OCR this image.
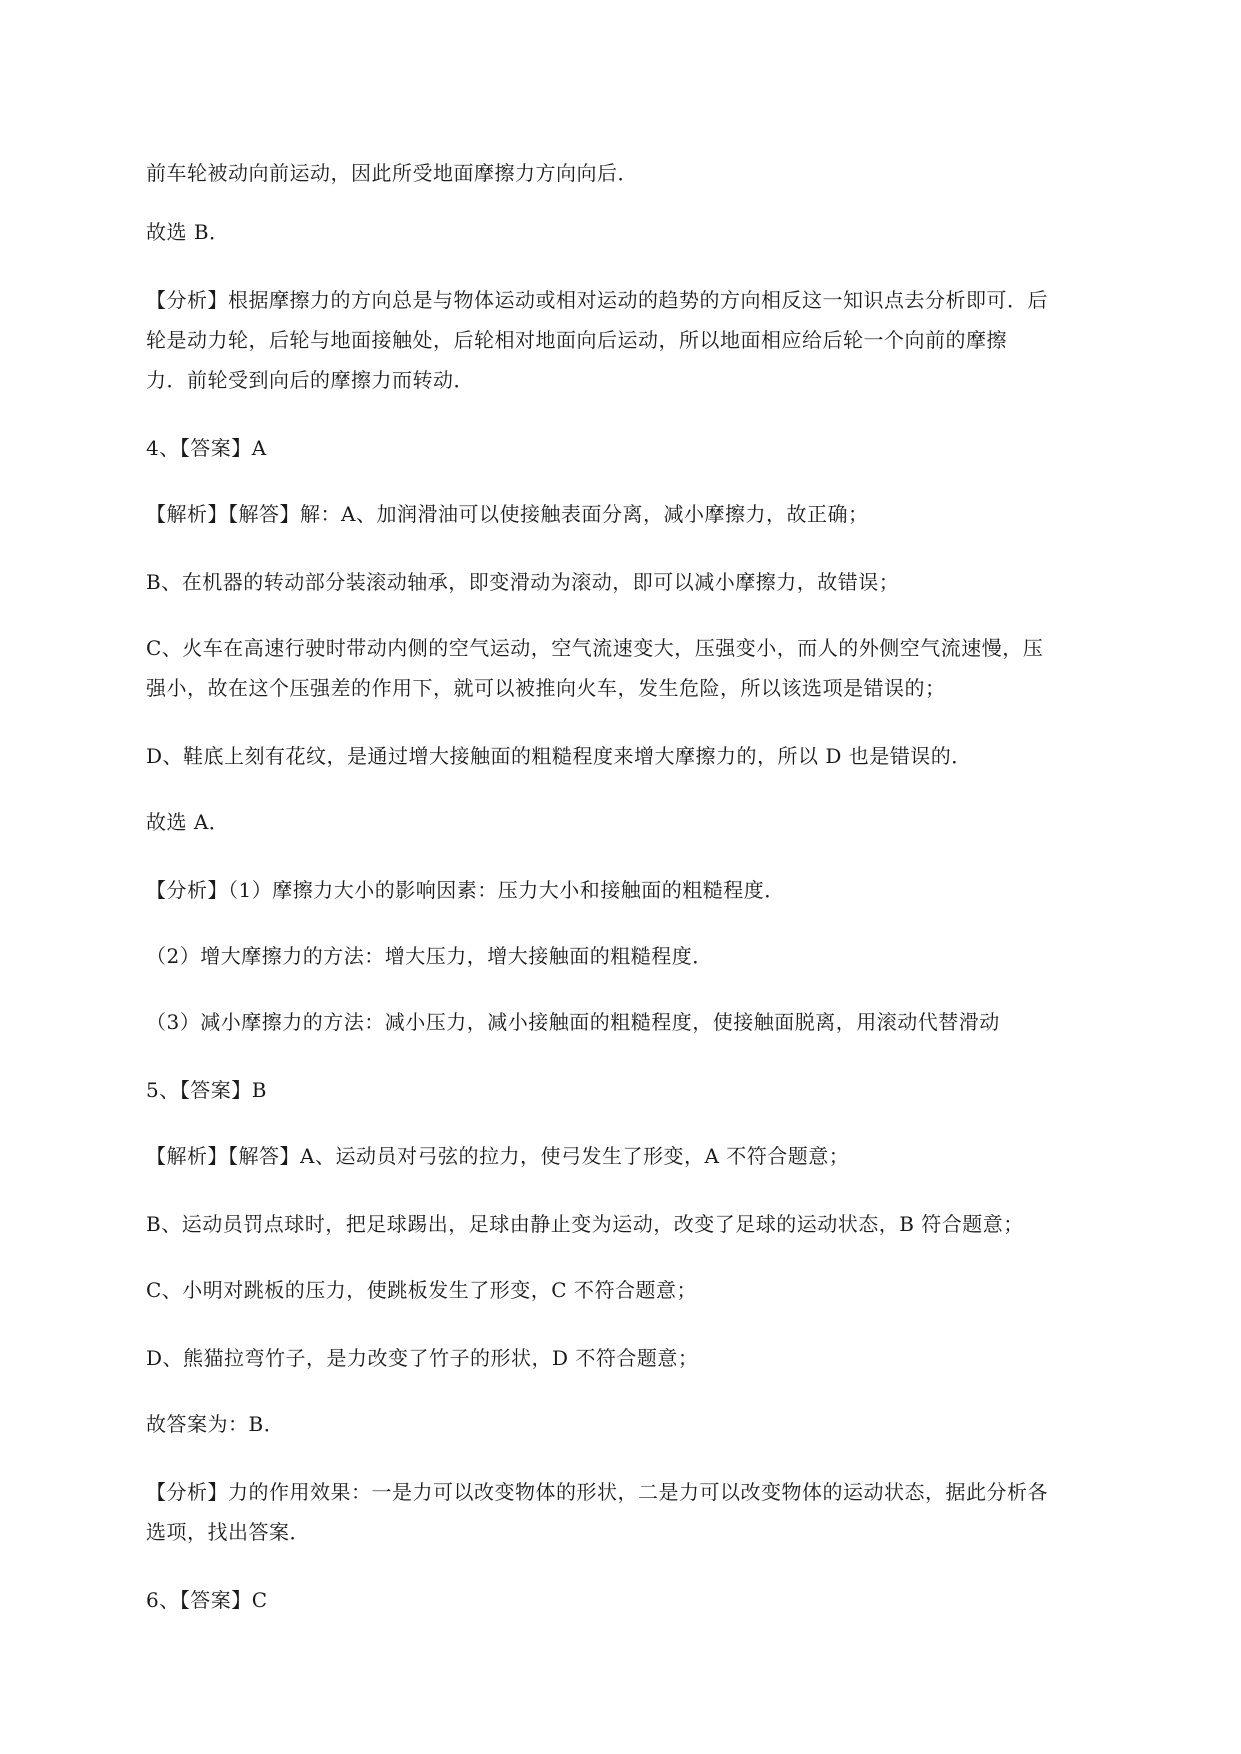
前车轮被动向前运动，因此所受地面摩擦力方向向后．
故选 B．
【分析】根据摩擦力的方向总是与物体运动或相对运动的趋势的方向相反这一知识点去分析即可．后
轮是动力轮，后轮与地面接触处，后轮相对地面向后运动，所以地面相应给后轮一个向前的摩擦
力．前轮受到向后的摩擦力而转动．
4、【答案】A
【解析】【解答】解：A、加润滑油可以使接触表面分离，减小摩擦力，故正确；
B、在机器的转动部分装滚动轴承，即变滑动为滚动，即可以减小摩擦力，故错误；
C、火车在高速行驶时带动内侧的空气运动，空气流速变大，压强变小，而人的外侧空气流速慢，压
强小，故在这个压强差的作用下，就可以被推向火车，发生危险，所以该选项是错误的；
D、鞋底上刻有花纹，是通过增大接触面的粗糙程度来增大摩擦力的，所以 D 也是错误的．
故选 A．
【分析】（1）摩擦力大小的影响因素：压力大小和接触面的粗糙程度．
（2）增大摩擦力的方法：增大压力，增大接触面的粗糙程度．
（3）减小摩擦力的方法：减小压力，减小接触面的粗糙程度，使接触面脱离，用滚动代替滑动
5、【答案】B
【解析】【解答】A、运动员对弓弦的拉力，使弓发生了形变，A 不符合题意；
B、运动员罚点球时，把足球踢出，足球由静止变为运动，改变了足球的运动状态，B 符合题意；
C、小明对跳板的压力，使跳板发生了形变，C 不符合题意；
D、熊猫拉弯竹子，是力改变了竹子的形状，D 不符合题意；
故答案为：B．
【分析】力的作用效果：一是力可以改变物体的形状，二是力可以改变物体的运动状态，据此分析各
选项，找出答案．
6、【答案】C
